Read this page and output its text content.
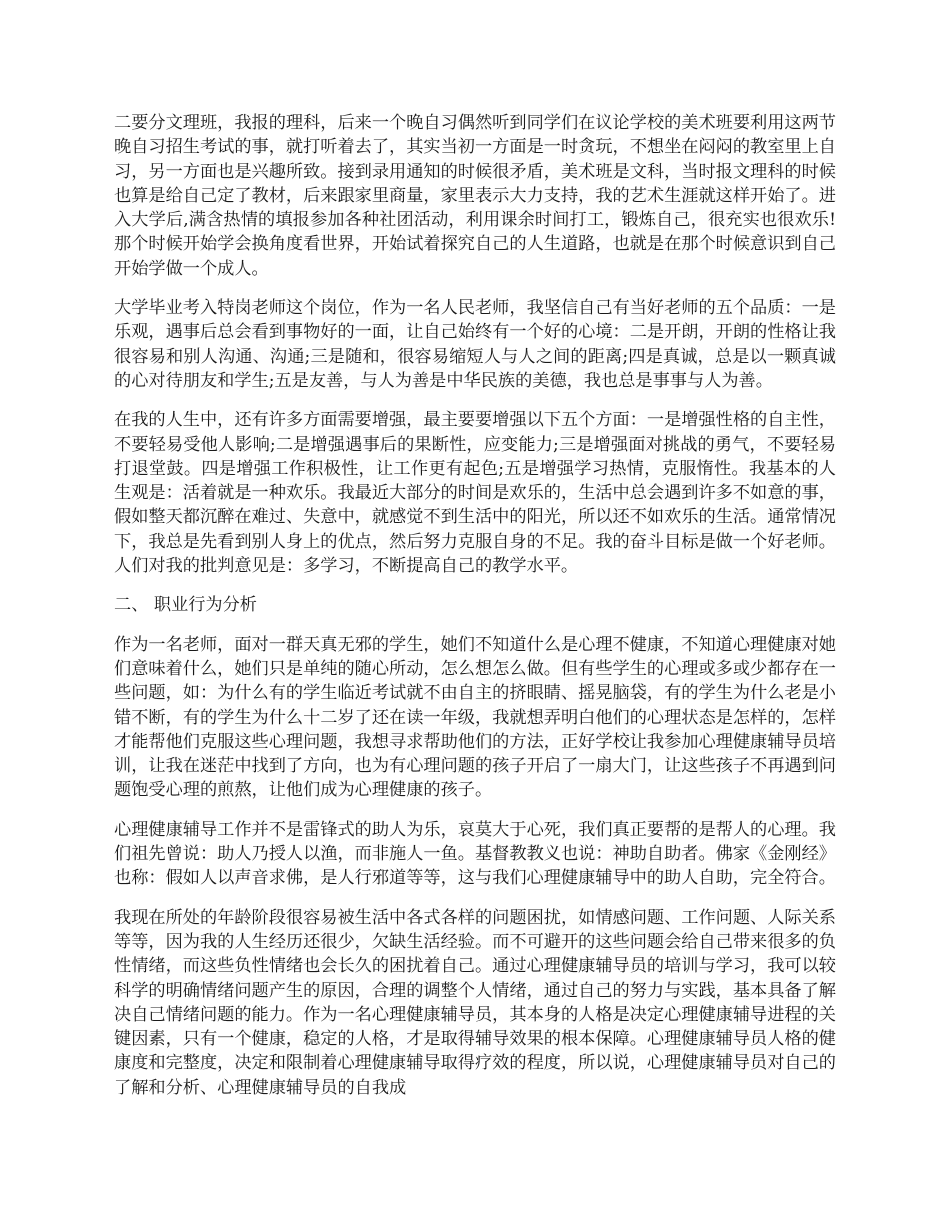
二要分文理班，我报的理科，后来一个晚自习偶然听到同学们在议论学校的美术班要利用这两节晚自习招生考试的事，就打听着去了，其实当初一方面是一时贪玩，不想坐在闷闷的教室里上自习，另一方面也是兴趣所致。接到录用通知的时候很矛盾，美术班是文科，当时报文理科的时候也算是给自己定了教材，后来跟家里商量，家里表示大力支持，我的艺术生涯就这样开始了。进入大学后,满含热情的填报参加各种社团活动，利用课余时间打工，锻炼自己，很充实也很欢乐!那个时候开始学会换角度看世界，开始试着探究自己的人生道路，也就是在那个时候意识到自己开始学做一个成人。

大学毕业考入特岗老师这个岗位，作为一名人民老师，我坚信自己有当好老师的五个品质：一是乐观，遇事后总会看到事物好的一面，让自己始终有一个好的心境：二是开朗，开朗的性格让我很容易和别人沟通、沟通;三是随和，很容易缩短人与人之间的距离;四是真诚，总是以一颗真诚的心对待朋友和学生;五是友善，与人为善是中华民族的美德，我也总是事事与人为善。

在我的人生中，还有许多方面需要增强，最主要要增强以下五个方面：一是增强性格的自主性，不要轻易受他人影响;二是增强遇事后的果断性，应变能力;三是增强面对挑战的勇气，不要轻易打退堂鼓。四是增强工作积极性，让工作更有起色;五是增强学习热情，克服惰性。我基本的人生观是：活着就是一种欢乐。我最近大部分的时间是欢乐的，生活中总会遇到许多不如意的事，假如整天都沉醉在难过、失意中，就感觉不到生活中的阳光，所以还不如欢乐的生活。通常情况下，我总是先看到别人身上的优点，然后努力克服自身的不足。我的奋斗目标是做一个好老师。人们对我的批判意见是：多学习，不断提高自己的教学水平。

二、 职业行为分析

作为一名老师，面对一群天真无邪的学生，她们不知道什么是心理不健康，不知道心理健康对她们意味着什么，她们只是单纯的随心所动，怎么想怎么做。但有些学生的心理或多或少都存在一些问题，如：为什么有的学生临近考试就不由自主的挤眼睛、摇晃脑袋，有的学生为什么老是小错不断，有的学生为什么十二岁了还在读一年级，我就想弄明白他们的心理状态是怎样的，怎样才能帮他们克服这些心理问题，我想寻求帮助他们的方法，正好学校让我参加心理健康辅导员培训，让我在迷茫中找到了方向，也为有心理问题的孩子开启了一扇大门，让这些孩子不再遇到问题饱受心理的煎熬，让他们成为心理健康的孩子。

心理健康辅导工作并不是雷锋式的助人为乐，哀莫大于心死，我们真正要帮的是帮人的心理。我们祖先曾说：助人乃授人以渔，而非施人一鱼。基督教教义也说：神助自助者。佛家《金刚经》也称：假如人以声音求佛，是人行邪道等等，这与我们心理健康辅导中的助人自助，完全符合。

我现在所处的年龄阶段很容易被生活中各式各样的问题困扰，如情感问题、工作问题、人际关系等等，因为我的人生经历还很少，欠缺生活经验。而不可避开的这些问题会给自己带来很多的负性情绪，而这些负性情绪也会长久的困扰着自己。通过心理健康辅导员的培训与学习，我可以较科学的明确情绪问题产生的原因，合理的调整个人情绪，通过自己的努力与实践，基本具备了解决自己情绪问题的能力。作为一名心理健康辅导员，其本身的人格是决定心理健康辅导进程的关键因素，只有一个健康，稳定的人格，才是取得辅导效果的根本保障。心理健康辅导员人格的健康度和完整度，决定和限制着心理健康辅导取得疗效的程度，所以说，心理健康辅导员对自己的了解和分析、心理健康辅导员的自我成
